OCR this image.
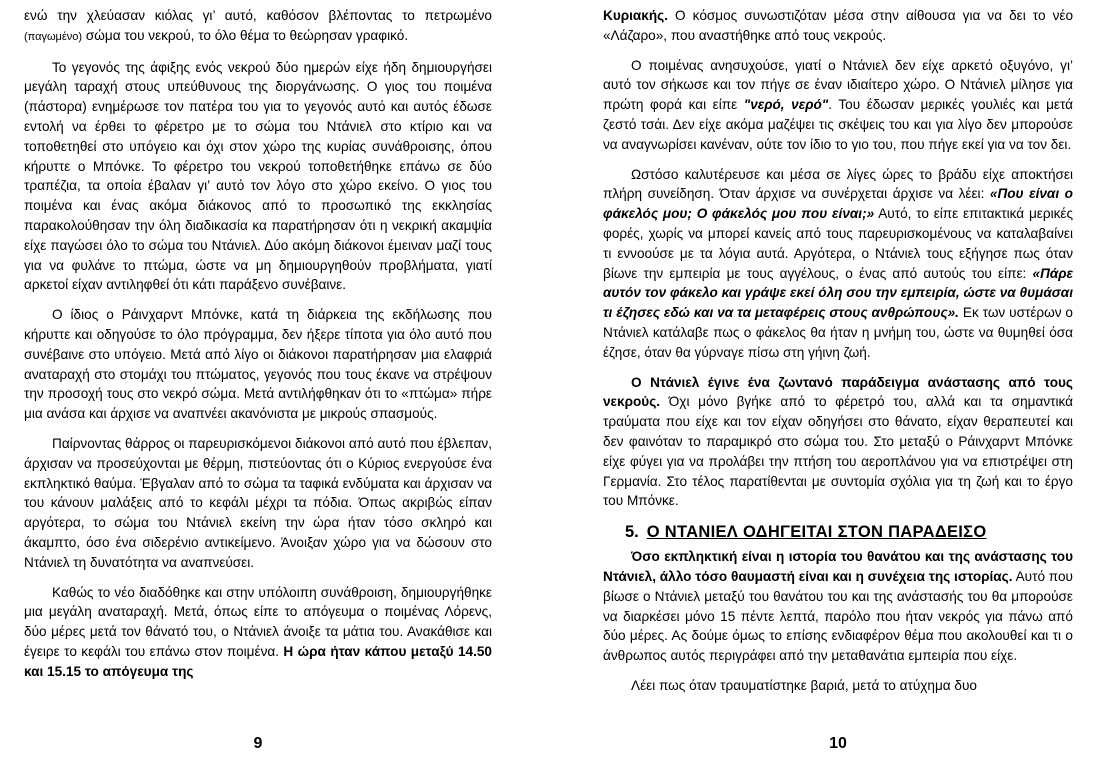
ενώ την χλεύασαν κιόλας γι’ αυτό, καθόσον βλέποντας το πετρωμένο (παγωμένο) σώμα του νεκρού, το όλο θέμα το θεώρησαν γραφικό.

Το γεγονός της άφιξης ενός νεκρού δύο ημερών είχε ήδη δημιουργήσει μεγάλη ταραχή στους υπεύθυνους της διοργάνωσης. Ο γιος του ποιμένα (πάστορα) ενημέρωσε τον πατέρα του για το γεγονός αυτό και αυτός έδωσε εντολή να έρθει το φέρετρο με το σώμα του Ντάνιελ στο κτίριο και να τοποθετηθεί στο υπόγειο και όχι στον χώρο της κυρίας συνάθροισης, όπου κήρυττε ο Μπόνκε. Το φέρετρο του νεκρού τοποθετήθηκε επάνω σε δύο τραπέζια, τα οποία έβαλαν γι’ αυτό τον λόγο στο χώρο εκείνο. Ο γιος του ποιμένα και ένας ακόμα διάκονος από το προσωπικό της εκκλησίας παρακολούθησαν την όλη διαδικασία κα παρατήρησαν ότι η νεκρική ακαμψία είχε παγώσει όλο το σώμα του Ντάνιελ. Δύο ακόμη διάκονοι έμειναν μαζί τους για να φυλάνε το πτώμα, ώστε να μη δημιουργηθούν προβλήματα, γιατί αρκετοί είχαν αντιληφθεί ότι κάτι παράξενο συνέβαινε.

Ο ίδιος ο Ράινχαρντ Μπόνκε, κατά τη διάρκεια της εκδήλωσης που κήρυττε και οδηγούσε το όλο πρόγραμμα, δεν ήξερε τίποτα για όλο αυτό που συνέβαινε στο υπόγειο. Μετά από λίγο οι διάκονοι παρατήρησαν μια ελαφριά αναταραχή στο στομάχι του πτώματος, γεγονός που τους έκανε να στρέψουν την προσοχή τους στο νεκρό σώμα. Μετά αντιλήφθηκαν ότι το «πτώμα» πήρε μια ανάσα και άρχισε να αναπνέει ακανόνιστα με μικρούς σπασμούς.

Παίρνοντας θάρρος οι παρευρισκόμενοι διάκονοι από αυτό που έβλεπαν, άρχισαν να προσεύχονται με θέρμη, πιστεύοντας ότι ο Κύριος ενεργούσε ένα εκπληκτικό θαύμα. Έβγαλαν από το σώμα τα ταφικά ενδύματα και άρχισαν να του κάνουν μαλάξεις από το κεφάλι μέχρι τα πόδια. Όπως ακριβώς είπαν αργότερα, το σώμα του Ντάνιελ εκείνη την ώρα ήταν τόσο σκληρό και άκαμπτο, όσο ένα σιδερένιο αντικείμενο. Άνοιξαν χώρο για να δώσουν στο Ντάνιελ τη δυνατότητα να αναπνεύσει.

Καθώς το νέο διαδόθηκε και στην υπόλοιπη συνάθροιση, δημιουργήθηκε μια μεγάλη αναταραχή. Μετά, όπως είπε το απόγευμα ο ποιμένας Λόρενς, δύο μέρες μετά τον θάνατό του, ο Ντάνιελ άνοιξε τα μάτια του. Ανακάθισε και έγειρε το κεφάλι του επάνω στον ποιμένα. Η ώρα ήταν κάπου μεταξύ 14.50 και 15.15 το απόγευμα της

9

Κυριακής. Ο κόσμος συνωστιζόταν μέσα στην αίθουσα για να δει το νέο «Λάζαρο», που αναστήθηκε από τους νεκρούς.

Ο ποιμένας ανησυχούσε, γιατί ο Ντάνιελ δεν είχε αρκετό οξυγόνο, γι’ αυτό τον σήκωσε και τον πήγε σε έναν ιδιαίτερο χώρο. Ο Ντάνιελ μίλησε για πρώτη φορά και είπε "νερό, νερό". Του έδωσαν μερικές γουλιές και μετά ζεστό τσάι. Δεν είχε ακόμα μαζέψει τις σκέψεις του και για λίγο δεν μπορούσε να αναγνωρίσει κανέναν, ούτε τον ίδιο το γιο του, που πήγε εκεί για να τον δει.

Ωστόσο καλυτέρευσε και μέσα σε λίγες ώρες το βράδυ είχε αποκτήσει πλήρη συνείδηση. Όταν άρχισε να συνέρχεται άρχισε να λέει: «Που είναι ο φάκελός μου; Ο φάκελός μου που είναι;» Αυτό, το είπε επιτακτικά μερικές φορές, χωρίς να μπορεί κανείς από τους παρευρισκομένους να καταλαβαίνει τι εννοούσε με τα λόγια αυτά. Αργότερα, ο Ντάνιελ τους εξήγησε πως όταν βίωνε την εμπειρία με τους αγγέλους, ο ένας από αυτούς του είπε: «Πάρε αυτόν τον φάκελο και γράψε εκεί όλη σου την εμπειρία, ώστε να θυμάσαι τι έζησες εδώ και να τα μεταφέρεις στους ανθρώπους». Εκ των υστέρων ο Ντάνιελ κατάλαβε πως ο φάκελος θα ήταν η μνήμη του, ώστε να θυμηθεί όσα έζησε, όταν θα γύρναγε πίσω στη γήινη ζωή.

Ο Ντάνιελ έγινε ένα ζωντανό παράδειγμα ανάστασης από τους νεκρούς. Όχι μόνο βγήκε από το φέρετρό του, αλλά και τα σημαντικά τραύματα που είχε και τον είχαν οδηγήσει στο θάνατο, είχαν θεραπευτεί και δεν φαινόταν το παραμικρό στο σώμα του. Στο μεταξύ ο Ράινχαρντ Μπόνκε είχε φύγει για να προλάβει την πτήση του αεροπλάνου για να επιστρέψει στη Γερμανία. Στο τέλος παρατίθενται με συντομία σχόλια για τη ζωή και το έργο του Μπόνκε.

5. Ο ΝΤΑΝΙΕΛ ΟΔΗΓΕΙΤΑΙ ΣΤΟΝ ΠΑΡΑΔΕΙΣΟ

Όσο εκπληκτική είναι η ιστορία του θανάτου και της ανάστασης του Ντάνιελ, άλλο τόσο θαυμαστή είναι και η συνέχεια της ιστορίας. Αυτό που βίωσε ο Ντάνιελ μεταξύ του θανάτου του και της ανάστασής του θα μπορούσε να διαρκέσει μόνο 15 πέντε λεπτά, παρόλο που ήταν νεκρός για πάνω από δύο μέρες. Ας δούμε όμως το επίσης ενδιαφέρον θέμα που ακολουθεί και τι ο άνθρωπος αυτός περιγράφει από την μεταθανάτια εμπειρία που είχε.

Λέει πως όταν τραυματίστηκε βαριά, μετά το ατύχημα δυο

10
